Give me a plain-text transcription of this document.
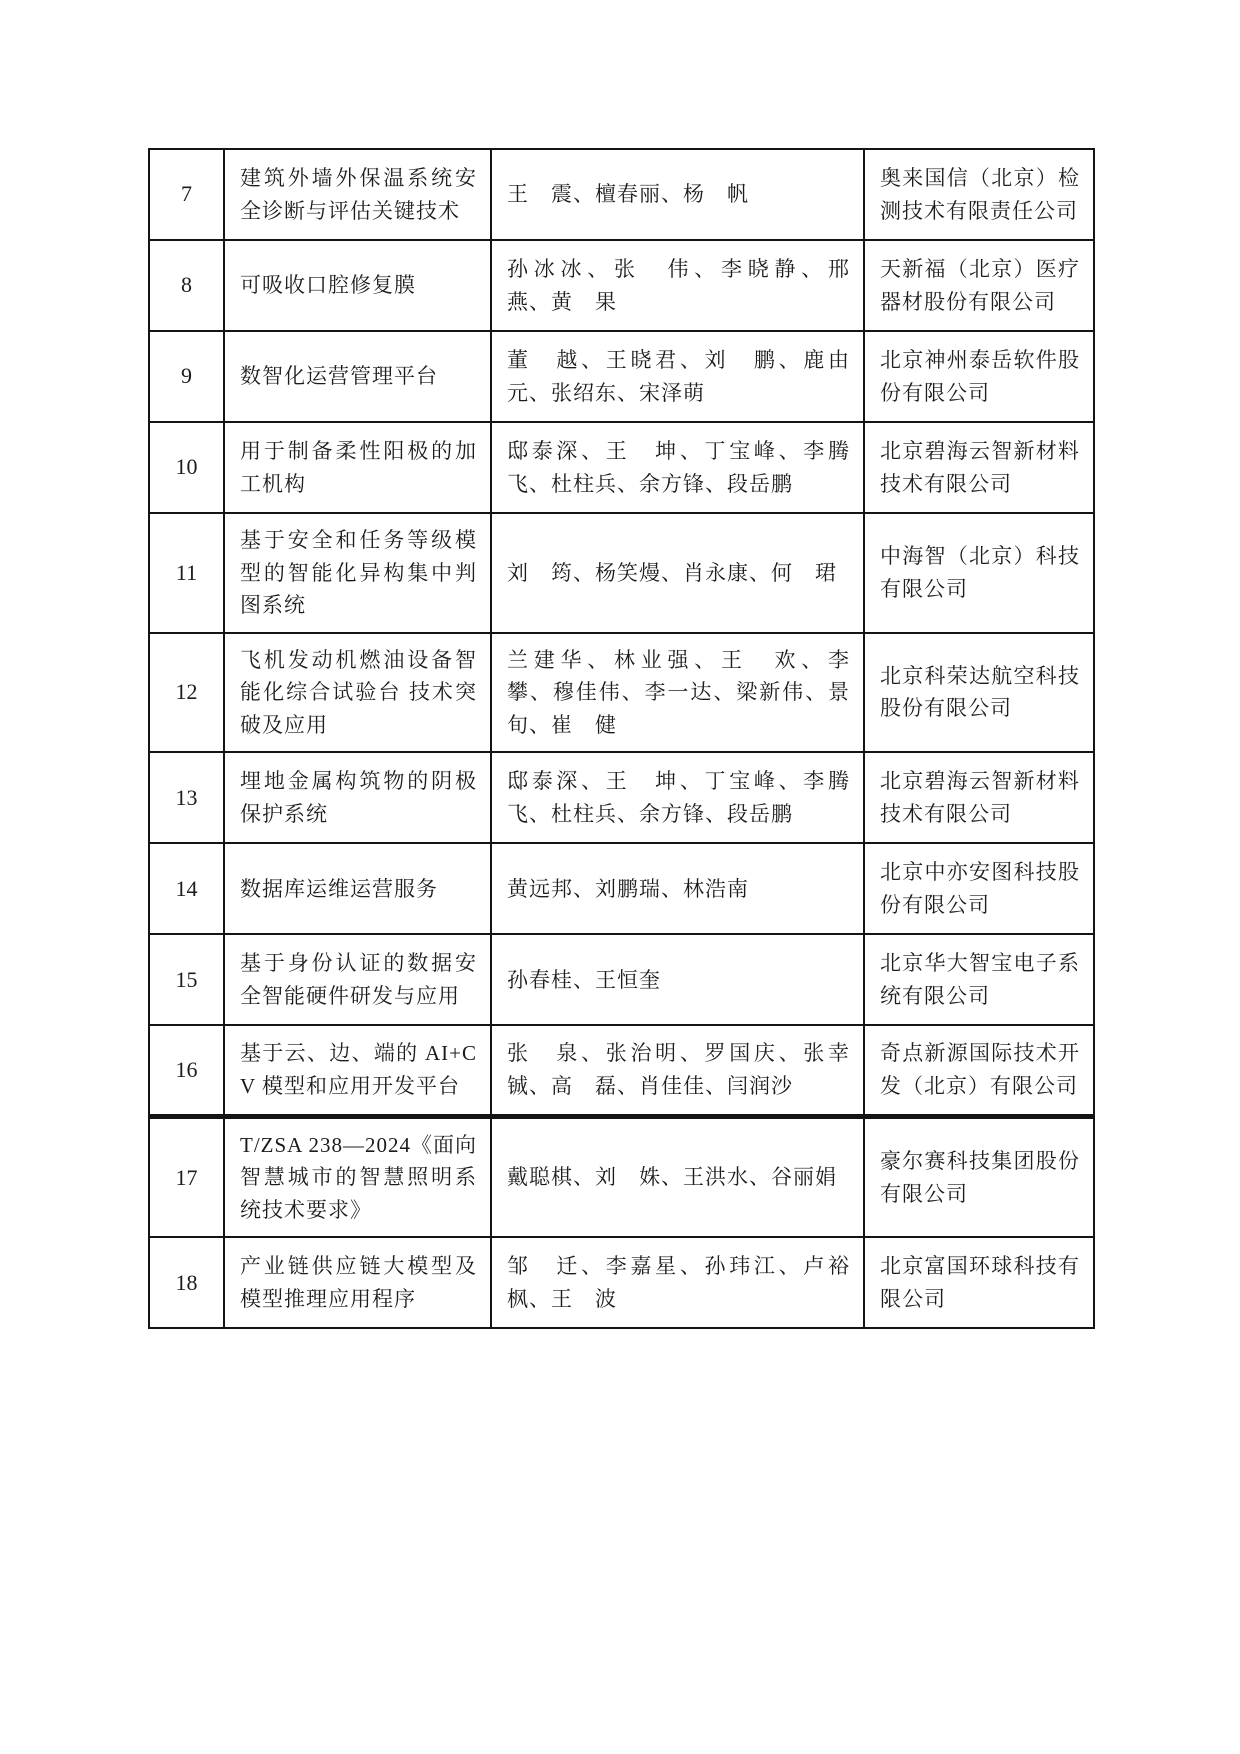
7	建筑外墙外保温系统安全诊断与评估关键技术	王　震、檀春丽、杨　帆	奥来国信（北京）检测技术有限责任公司
8	可吸收口腔修复膜	孙冰冰、张　伟、李晓静、邢　燕、黄　果	天新福（北京）医疗器材股份有限公司
9	数智化运营管理平台	董　越、王晓君、刘　鹏、鹿由元、张绍东、宋泽萌	北京神州泰岳软件股份有限公司
10	用于制备柔性阳极的加工机构	邸泰深、王　坤、丁宝峰、李腾飞、杜柱兵、余方锋、段岳鹏	北京碧海云智新材料技术有限公司
11	基于安全和任务等级模型的智能化异构集中判图系统	刘　筠、杨笑熳、肖永康、何　珺	中海智（北京）科技有限公司
12	飞机发动机燃油设备智能化综合试验台 技术突破及应用	兰建华、林业强、王　欢、李　攀、穆佳伟、李一达、梁新伟、景　旬、崔　健	北京科荣达航空科技股份有限公司
13	埋地金属构筑物的阴极保护系统	邸泰深、王　坤、丁宝峰、李腾飞、杜柱兵、余方锋、段岳鹏	北京碧海云智新材料技术有限公司
14	数据库运维运营服务	黄远邦、刘鹏瑞、林浩南	北京中亦安图科技股份有限公司
15	基于身份认证的数据安全智能硬件研发与应用	孙春桂、王恒奎	北京华大智宝电子系统有限公司
16	基于云、边、端的 AI+CV 模型和应用开发平台	张　泉、张治明、罗国庆、张幸铖、高　磊、肖佳佳、闫润沙	奇点新源国际技术开发（北京）有限公司
17	T/ZSA 238—2024《面向智慧城市的智慧照明系统技术要求》	戴聪棋、刘　姝、王洪水、谷丽娟	豪尔赛科技集团股份有限公司
18	产业链供应链大模型及模型推理应用程序	邹　迁、李嘉星、孙玮江、卢裕枫、王　波	北京富国环球科技有限公司
